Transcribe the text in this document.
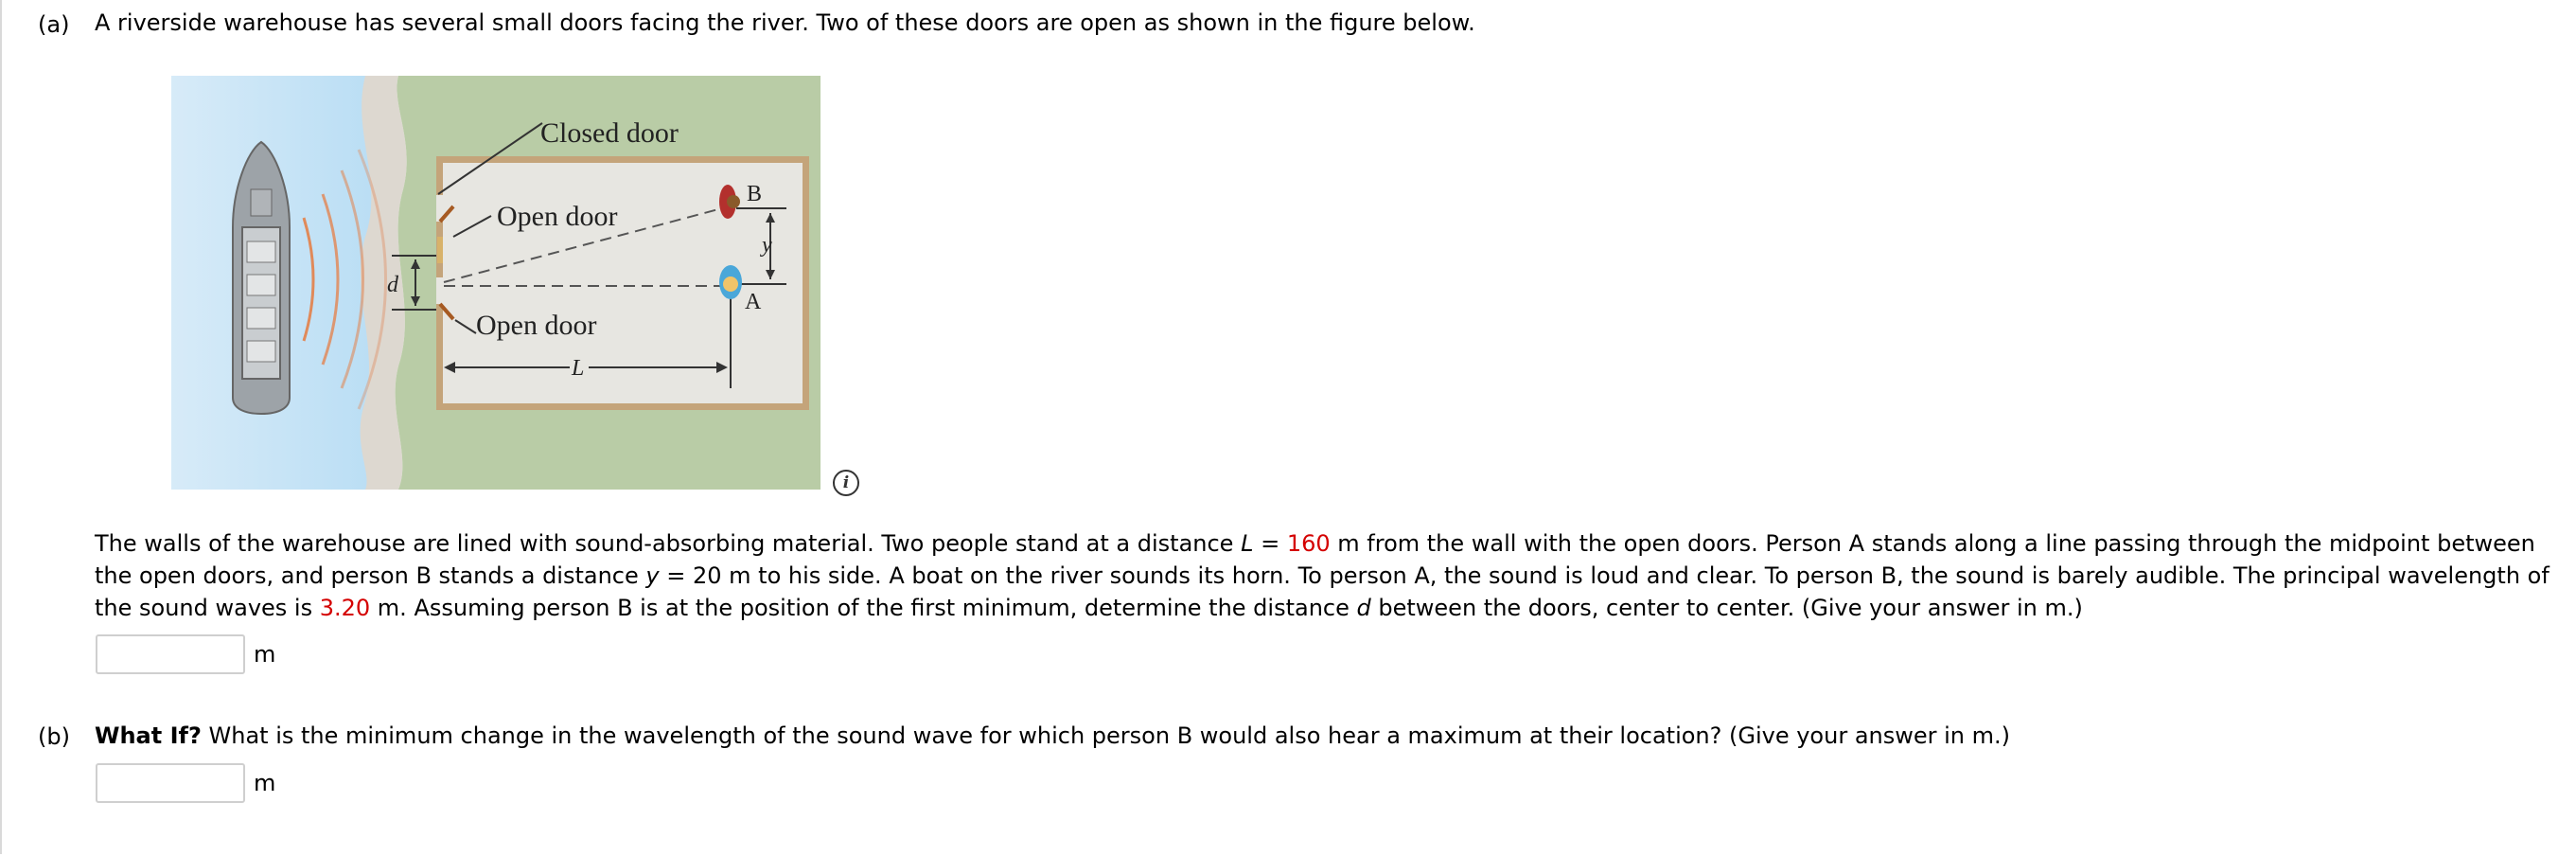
(a) A riverside warehouse has several small doors facing the river. Two of these doors are open as shown in the figure below.
Closed door
Open door
Open door
B
A
y
d
L
i
The walls of the warehouse are lined with sound-absorbing material. Two people stand at a distance L = 160 m from the wall with the open doors. Person A stands along a line passing through the midpoint between
the open doors, and person B stands a distance y = 20 m to his side. A boat on the river sounds its horn. To person A, the sound is loud and clear. To person B, the sound is barely audible. The principal wavelength of
the sound waves is 3.20 m. Assuming person B is at the position of the first minimum, determine the distance d between the doors, center to center. (Give your answer in m.)
m
(b) What If? What is the minimum change in the wavelength of the sound wave for which person B would also hear a maximum at their location? (Give your answer in m.)
m
